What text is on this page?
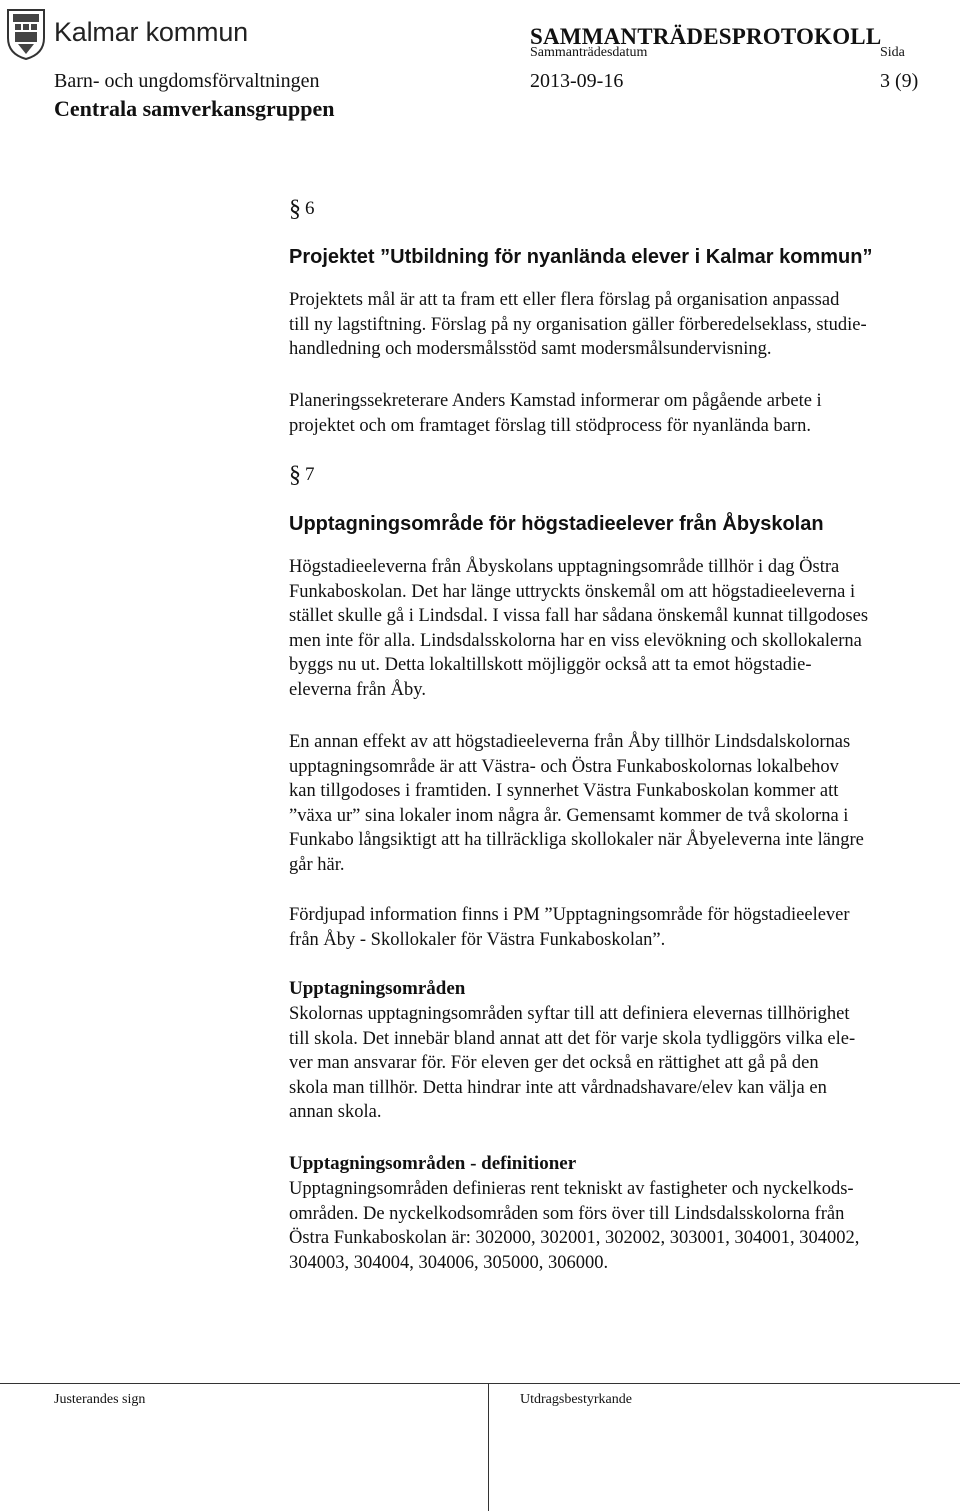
Kalmar kommun	SAMMANTRÄDESPROTOKOLL
Sammanträdesdatum	Sida
Barn- och ungdomsförvaltningen	2013-09-16	3 (9)
Centrala samverkansgruppen
§ 6
Projektet ”Utbildning för nyanlända elever i Kalmar kommun”
Projektets mål är att ta fram ett eller flera förslag på organisation anpassad
till ny lagstiftning. Förslag på ny organisation gäller förberedelseklass, studie-
handledning och modersmålsstöd samt modersmålsundervisning.
Planeringssekreterare Anders Kamstad informerar om pågående arbete i
projektet och om framtaget förslag till stödprocess för nyanlända barn.
§ 7
Upptagningsområde för högstadieelever från Åbyskolan
Högstadieeleverna från Åbyskolans upptagningsområde tillhör i dag Östra
Funkaboskolan. Det har länge uttryckts önskemål om att högstadieeleverna i
stället skulle gå i Lindsdal. I vissa fall har sådana önskemål kunnat tillgodoses
men inte för alla. Lindsdalsskolorna har en viss elevökning och skollokalerna
byggs nu ut. Detta lokaltillskott möjliggör också att ta emot högstadie-
eleverna från Åby.
En annan effekt av att högstadieeleverna från Åby tillhör Lindsdalskolornas
upptagningsområde är att Västra- och Östra Funkaboskolornas lokalbehov
kan tillgodoses i framtiden. I synnerhet Västra Funkaboskolan kommer att
”växa ur” sina lokaler inom några år. Gemensamt kommer de två skolorna i
Funkabo långsiktigt att ha tillräckliga skollokaler när Åbyeleverna inte längre
går här.
Fördjupad information finns i PM ”Upptagningsområde för högstadieelever
från Åby - Skollokaler för Västra Funkaboskolan”.
Upptagningsområden
Skolornas upptagningsområden syftar till att definiera elevernas tillhörighet
till skola. Det innebär bland annat att det för varje skola tydliggörs vilka ele-
ver man ansvarar för. För eleven ger det också en rättighet att gå på den
skola man tillhör. Detta hindrar inte att vårdnadshavare/elev kan välja en
annan skola.
Upptagningsområden - definitioner
Upptagningsområden definieras rent tekniskt av fastigheter och nyckelkods-
områden. De nyckelkodsområden som förs över till Lindsdalsskolorna från
Östra Funkaboskolan är: 302000, 302001, 302002, 303001, 304001, 304002,
304003, 304004, 304006, 305000, 306000.
Justerandes sign	Utdragsbestyrkande
